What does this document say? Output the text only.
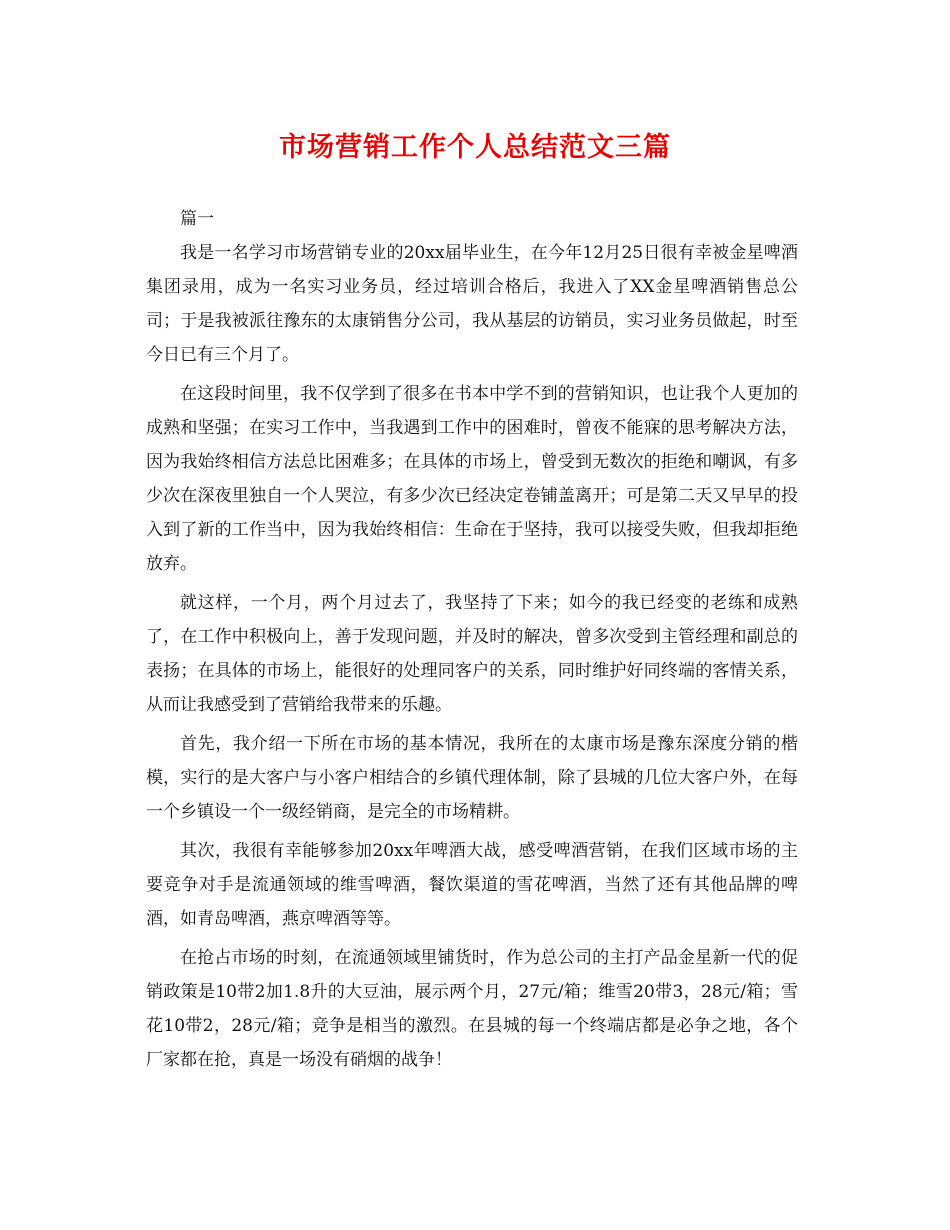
市场营销工作个人总结范文三篇

篇一

我是一名学习市场营销专业的20xx届毕业生，在今年12月25日很有幸被金星啤酒集团录用，成为一名实习业务员，经过培训合格后，我进入了XX金星啤酒销售总公司；于是我被派往豫东的太康销售分公司，我从基层的访销员，实习业务员做起，时至今日已有三个月了。

在这段时间里，我不仅学到了很多在书本中学不到的营销知识，也让我个人更加的成熟和坚强；在实习工作中，当我遇到工作中的困难时，曾夜不能寐的思考解决方法，因为我始终相信方法总比困难多；在具体的市场上，曾受到无数次的拒绝和嘲讽，有多少次在深夜里独自一个人哭泣，有多少次已经决定卷铺盖离开；可是第二天又早早的投入到了新的工作当中，因为我始终相信：生命在于坚持，我可以接受失败，但我却拒绝放弃。

就这样，一个月，两个月过去了，我坚持了下来；如今的我已经变的老练和成熟了，在工作中积极向上，善于发现问题，并及时的解决，曾多次受到主管经理和副总的表扬；在具体的市场上，能很好的处理同客户的关系，同时维护好同终端的客情关系，从而让我感受到了营销给我带来的乐趣。

首先，我介绍一下所在市场的基本情况，我所在的太康市场是豫东深度分销的楷模，实行的是大客户与小客户相结合的乡镇代理体制，除了县城的几位大客户外，在每一个乡镇设一个一级经销商，是完全的市场精耕。

其次，我很有幸能够参加20xx年啤酒大战，感受啤酒营销，在我们区域市场的主要竞争对手是流通领域的维雪啤酒，餐饮渠道的雪花啤酒，当然了还有其他品牌的啤酒，如青岛啤酒，燕京啤酒等等。

在抢占市场的时刻，在流通领域里铺货时，作为总公司的主打产品金星新一代的促销政策是10带2加1.8升的大豆油，展示两个月，27元/箱；维雪20带3，28元/箱；雪花10带2，28元/箱；竞争是相当的激烈。在县城的每一个终端店都是必争之地，各个厂家都在抢，真是一场没有硝烟的战争！
